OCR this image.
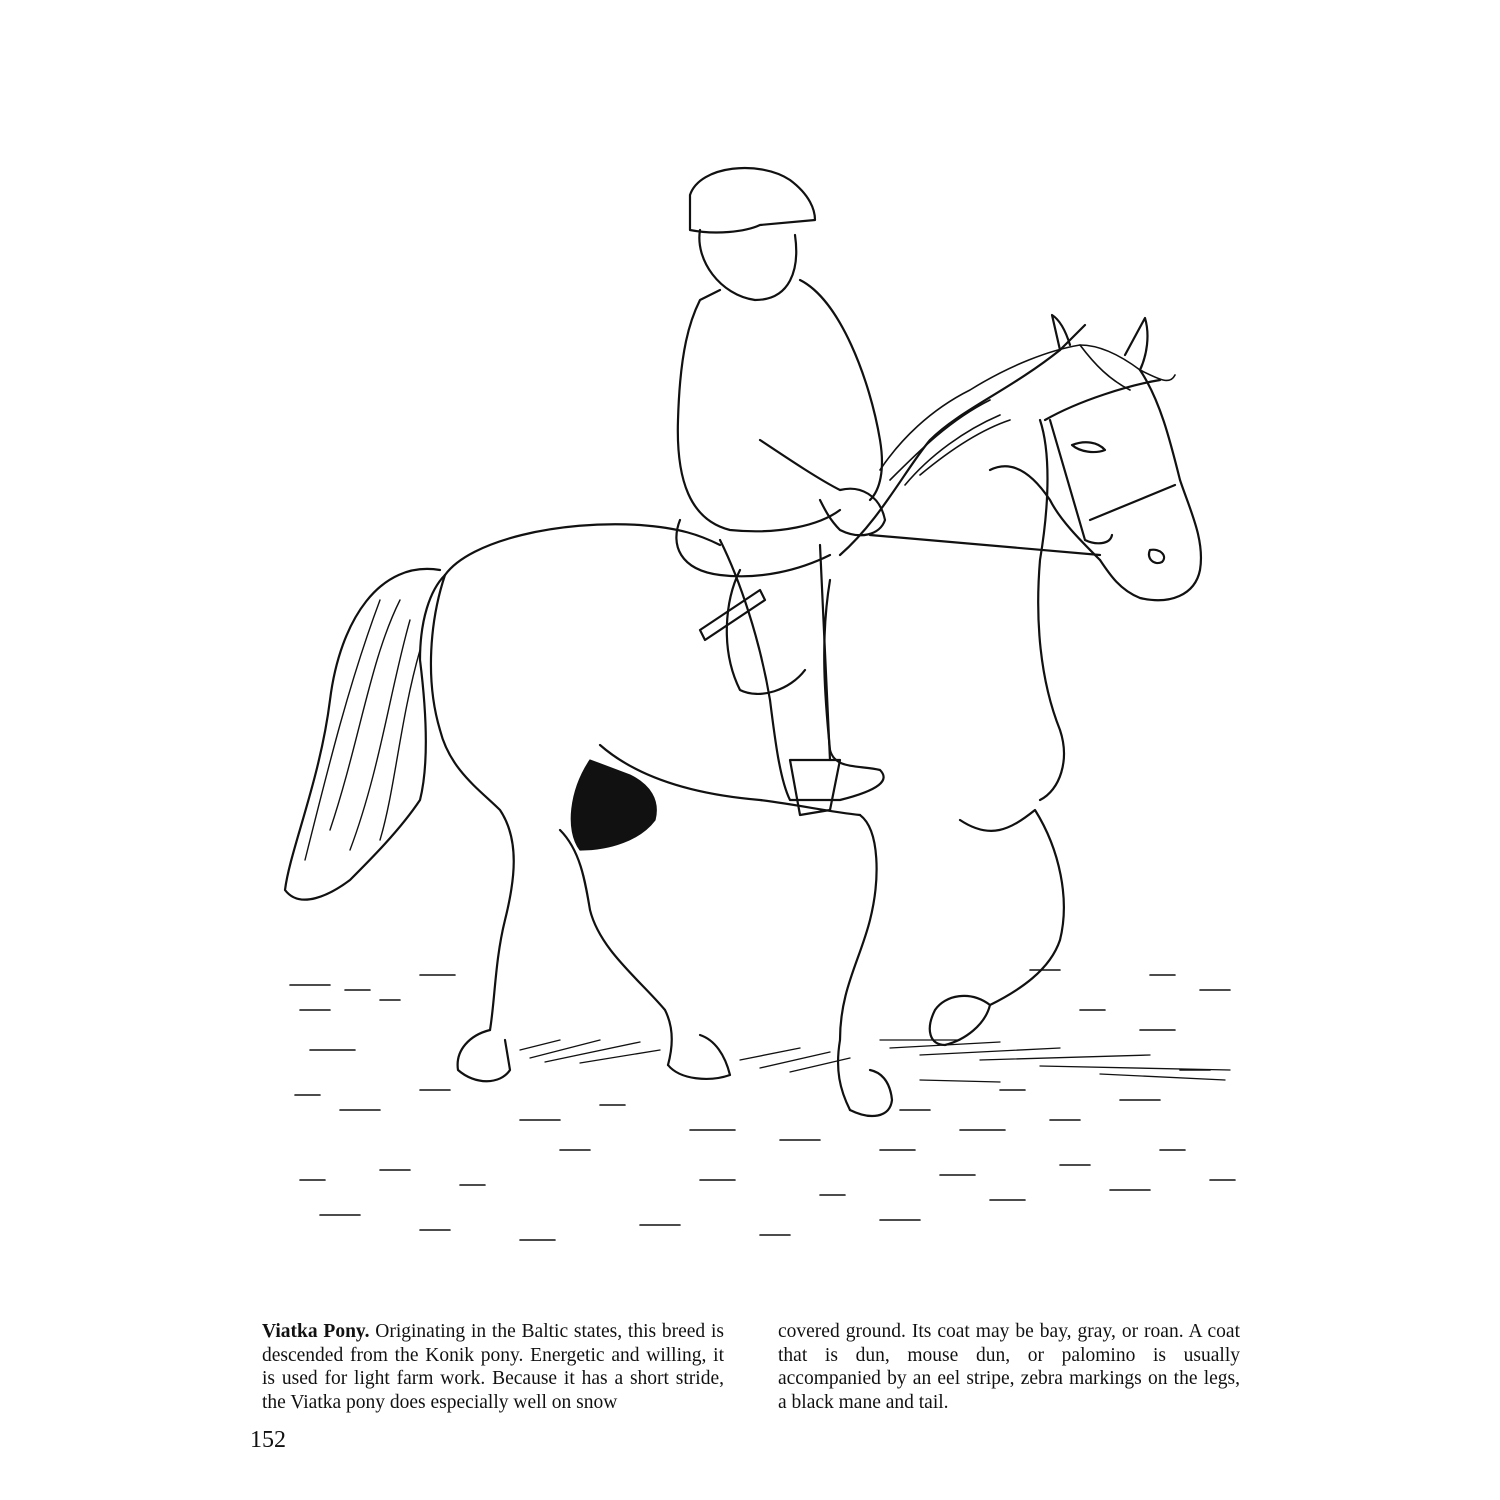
Viatka Pony. Originating in the Baltic states, this breed is descended from the Konik pony. Energetic and willing, it is used for light farm work. Because it has a short stride, the Viatka pony does especially well on snow

covered ground. Its coat may be bay, gray, or roan. A coat that is dun, mouse dun, or palomino is usually accompanied by an eel stripe, zebra markings on the legs, a black mane and tail.

152
